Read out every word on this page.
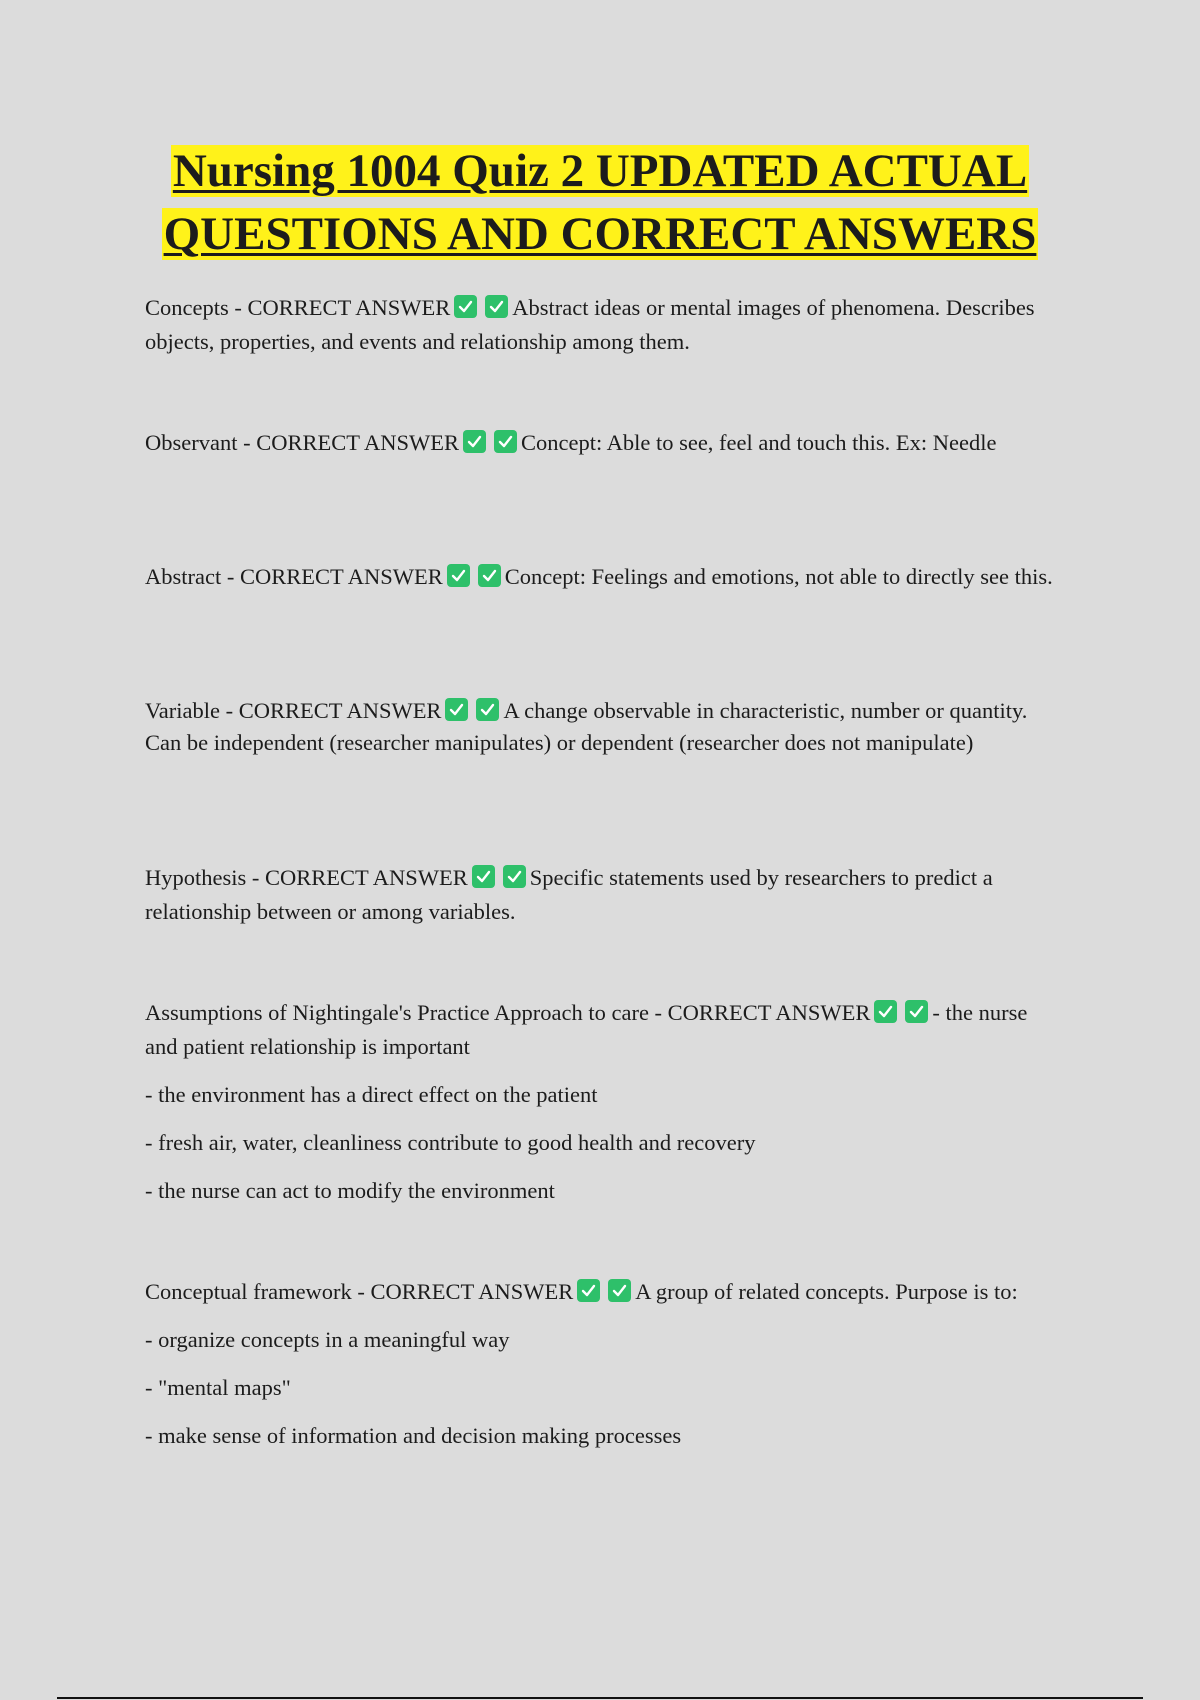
Nursing 1004 Quiz 2 UPDATED ACTUAL
QUESTIONS AND CORRECT ANSWERS

Concepts - CORRECT ANSWER	Abstract ideas or mental images of phenomena. Describes objects, properties, and events and relationship among them.

Observant - CORRECT ANSWER	Concept: Able to see, feel and touch this. Ex: Needle

Abstract - CORRECT ANSWER	Concept: Feelings and emotions, not able to directly see this.

Variable - CORRECT ANSWER	A change observable in characteristic, number or quantity. Can be independent (researcher manipulates) or dependent (researcher does not manipulate)

Hypothesis - CORRECT ANSWER	Specific statements used by researchers to predict a relationship between or among variables.

Assumptions of Nightingale's Practice Approach to care - CORRECT ANSWER	- the nurse and patient relationship is important

- the environment has a direct effect on the patient

- fresh air, water, cleanliness contribute to good health and recovery

- the nurse can act to modify the environment

Conceptual framework - CORRECT ANSWER	A group of related concepts. Purpose is to:

- organize concepts in a meaningful way

- "mental maps"

- make sense of information and decision making processes
